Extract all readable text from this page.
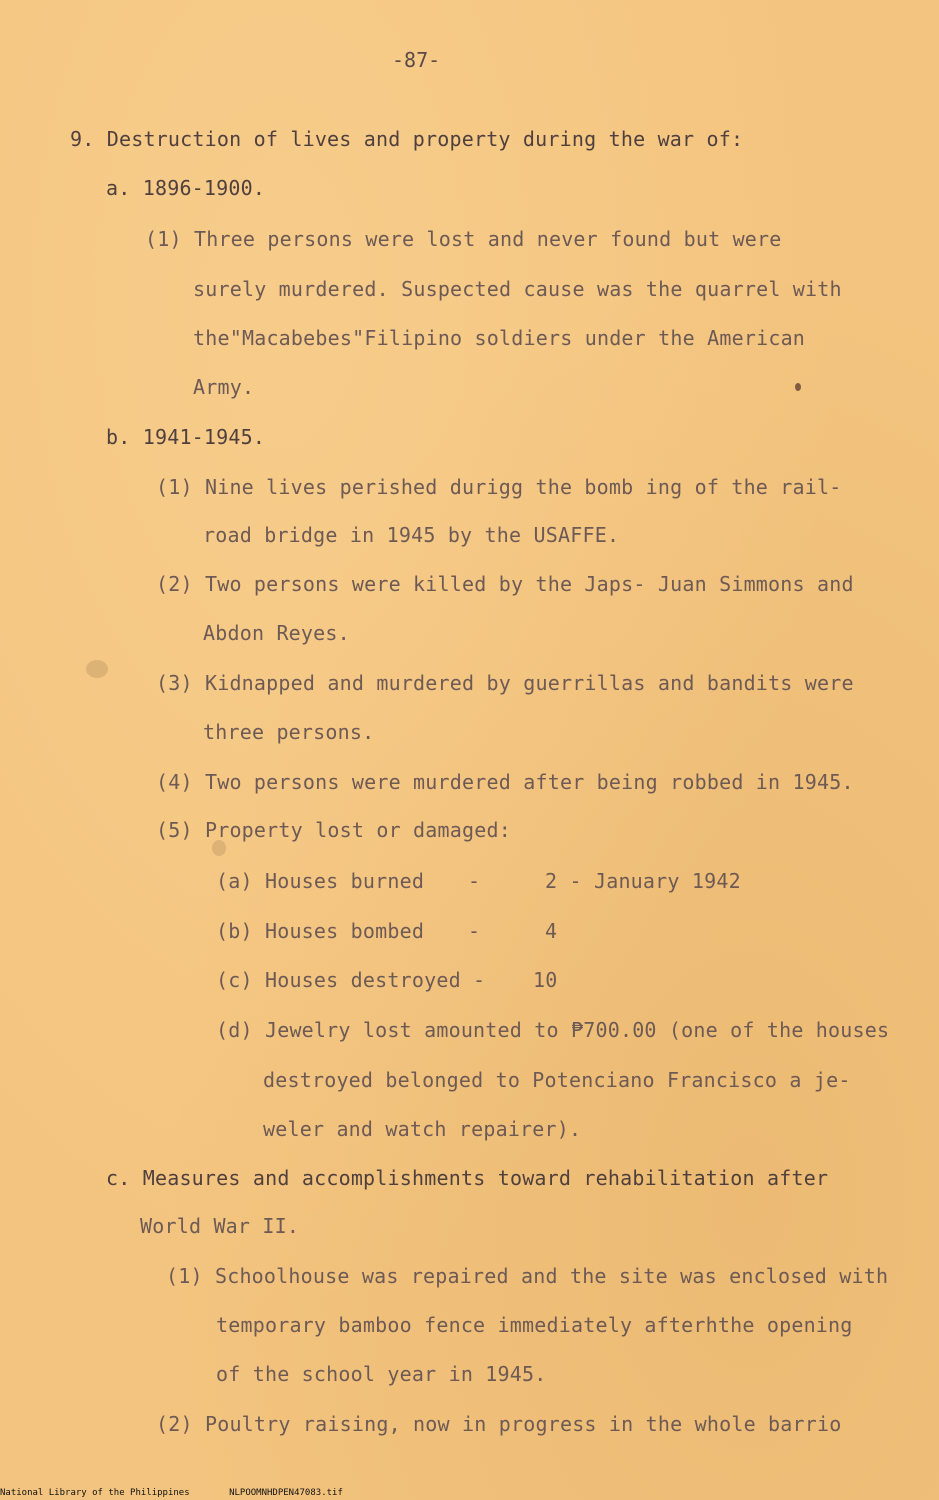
-87-
9. Destruction of lives and property during the war of:
a. 1896-1900.
(1) Three persons were lost and never found but were
surely murdered. Suspected cause was the quarrel with
the"Macabebes"Filipino soldiers under the American
Army.
b. 1941-1945.
(1) Nine lives perished durigg the bomb ing of the rail-
road bridge in 1945 by the USAFFE.
(2) Two persons were killed by the Japs- Juan Simmons and
Abdon Reyes.
(3) Kidnapped and murdered by guerrillas and bandits were
three persons.
(4) Two persons were murdered after being robbed in 1945.
(5) Property lost or damaged:
(a) Houses burned -	2 - January 1942
(b) Houses bombed -	4
(c) Houses destroyed - 10
(d) Jewelry lost amounted to ₱700.00 (one of the houses
destroyed belonged to Potenciano Francisco a je-
weler and watch repairer).
c. Measures and accomplishments toward rehabilitation after
World War II.
(1) Schoolhouse was repaired and the site was enclosed with
temporary bamboo fence immediately afterhthe opening
of the school year in 1945.
(2) Poultry raising, now in progress in the whole barrio
National Library of the Philippines	NLPOOMNHDPEN47083.tif
